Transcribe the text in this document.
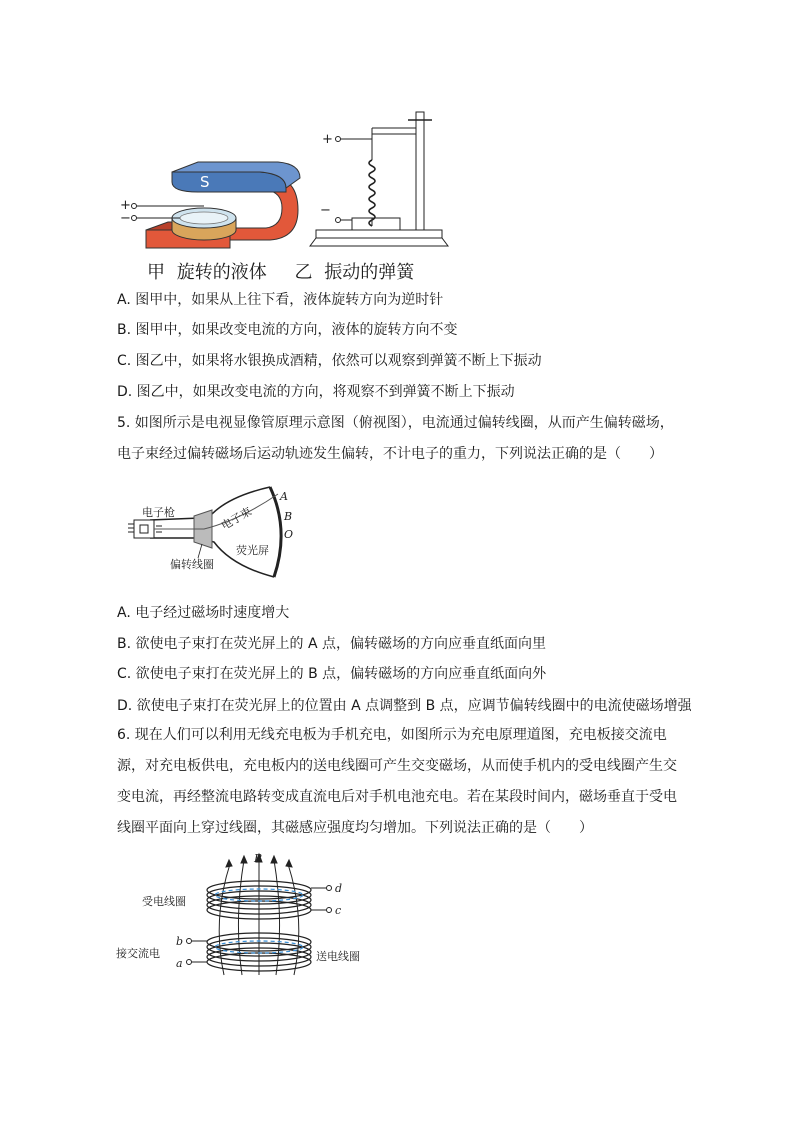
S
+
−
+
−
甲 旋转的液体 乙 振动的弹簧
A. 图甲中，如果从上往下看，液体旋转方向为逆时针
B. 图甲中，如果改变电流的方向，液体的旋转方向不变
C. 图乙中，如果将水银换成酒精，依然可以观察到弹簧不断上下振动
D. 图乙中，如果改变电流的方向，将观察不到弹簧不断上下振动
5. 如图所示是电视显像管原理示意图（俯视图），电流通过偏转线圈，从而产生偏转磁场，电子束经过偏转磁场后运动轨迹发生偏转，不计电子的重力，下列说法正确的是（　　）
A
B
O
电子枪	电子束
荧光屏
偏转线圈
A. 电子经过磁场时速度增大
B. 欲使电子束打在荧光屏上的 A 点，偏转磁场的方向应垂直纸面向里
C. 欲使电子束打在荧光屏上的 B 点，偏转磁场的方向应垂直纸面向外
D. 欲使电子束打在荧光屏上的位置由 A 点调整到 B 点，应调节偏转线圈中的电流使磁场增强
6. 现在人们可以利用无线充电板为手机充电，如图所示为充电原理道图，充电板接交流电源，对充电板供电，充电板内的送电线圈可产生交变磁场，从而使手机内的受电线圈产生交变电流，再经整流电路转变成直流电后对手机电池充电。若在某段时间内，磁场垂直于受电线圈平面向上穿过线圈，其磁感应强度均匀增加。下列说法正确的是（　　）
B
d
c
受电线圈
b
a
接交流电	送电线圈
